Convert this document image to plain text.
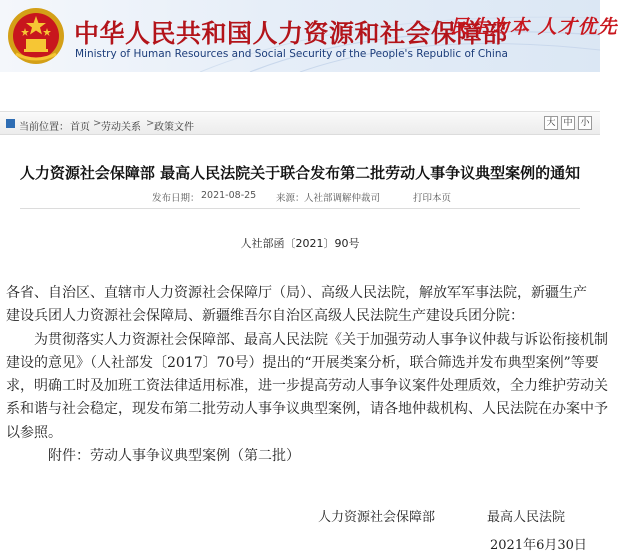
中华人民共和国人力资源和社会保障部
Ministry of Human Resources and Social Security of the People's Republic of China
民生为本 人才优先
当前位置： 首页 > 劳动关系 > 政策文件	大 中 小
人力资源社会保障部 最高人民法院关于联合发布第二批劳动人事争议典型案例的通知
发布日期： 2021-08-25 来源： 人社部调解仲裁司	打印本页
人社部函〔2021〕90号
各省、自治区、直辖市人力资源社会保障厅（局）、高级人民法院，解放军军事法院，新疆生产
建设兵团人力资源社会保障局、新疆维吾尔自治区高级人民法院生产建设兵团分院：
为贯彻落实人力资源社会保障部、最高人民法院《关于加强劳动人事争议仲裁与诉讼衔接机制
建设的意见》（人社部发〔2017〕70号）提出的“开展类案分析，联合筛选并发布典型案例”等要
求，明确工时及加班工资法律适用标准，进一步提高劳动人事争议案件处理质效，全力维护劳动关
系和谐与社会稳定，现发布第二批劳动人事争议典型案例，请各地仲裁机构、人民法院在办案中予
以参照。
附件：劳动人事争议典型案例（第二批）
人力资源社会保障部	最高人民法院
2021年6月30日
